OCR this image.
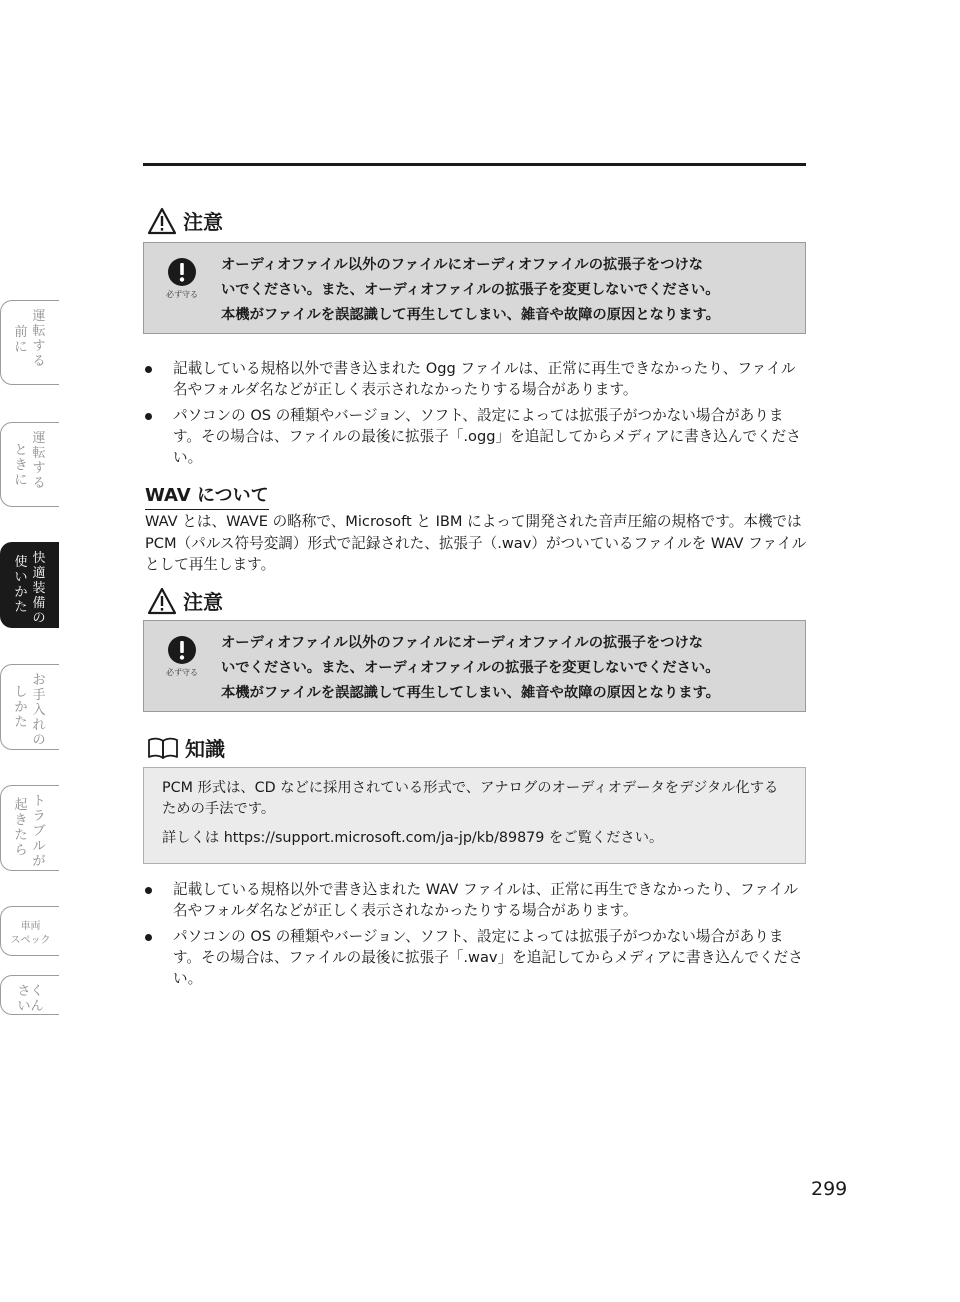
注意
必ず守る
オーディオファイル以外のファイルにオーディオファイルの拡張子をつけな
いでください。また、オーディオファイルの拡張子を変更しないでください。
本機がファイルを誤認識して再生してしまい、雑音や故障の原因となります。
記載している規格以外で書き込まれた Ogg ファイルは、正常に再生できなかったり、ファイル名やフォルダ名などが正しく表示されなかったりする場合があります。
パソコンの OS の種類やバージョン、ソフト、設定によっては拡張子がつかない場合があります。その場合は、ファイルの最後に拡張子「.ogg」を追記してからメディアに書き込んでください。
WAV について
WAV とは、WAVE の略称で、Microsoft と IBM によって開発された音声圧縮の規格です。本機では PCM（パルス符号変調）形式で記録された、拡張子（.wav）がついているファイルを WAV ファイルとして再生します。
注意
必ず守る
オーディオファイル以外のファイルにオーディオファイルの拡張子をつけな
いでください。また、オーディオファイルの拡張子を変更しないでください。
本機がファイルを誤認識して再生してしまい、雑音や故障の原因となります。
知識

PCM 形式は、CD などに採用されている形式で、アナログのオーディオデータをデジタル化するための手法です。

詳しくは https://support.microsoft.com/ja-jp/kb/89879 をご覧ください。

記載している規格以外で書き込まれた WAV ファイルは、正常に再生できなかったり、ファイル名やフォルダ名などが正しく表示されなかったりする場合があります。
パソコンの OS の種類やバージョン、ソフト、設定によっては拡張子がつかない場合があります。その場合は、ファイルの最後に拡張子「.wav」を追記してからメディアに書き込んでください。
運
転
す
る
前
に
運
転
す
る
と
き
に
快
適
装
備
の
使
い
か
た
お
手
入
れ
の
し
か
た
ト
ラ
ブ
ル
が
起
き
た
ら
車両
スペック
さく
いん
299
